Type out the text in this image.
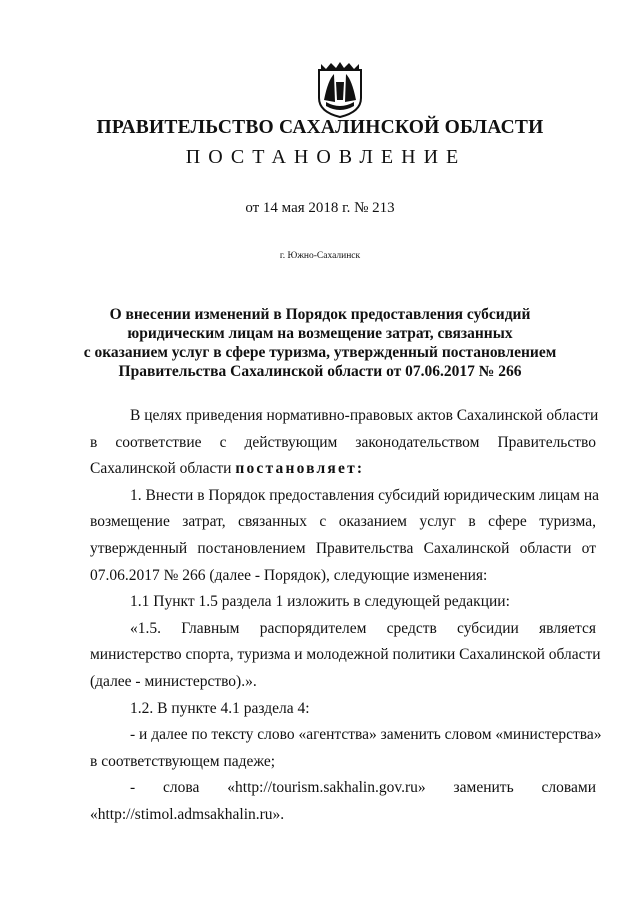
ПРАВИТЕЛЬСТВО САХАЛИНСКОЙ ОБЛАСТИ
ПОСТАНОВЛЕНИЕ
от 14 мая 2018 г. № 213
г. Южно-Сахалинск
О внесении изменений в Порядок предоставления субсидий
юридическим лицам на возмещение затрат, связанных
с оказанием услуг в сфере туризма, утвержденный постановлением
Правительства Сахалинской области от 07.06.2017 № 266
В целях приведения нормативно-правовых актов Сахалинской области
в соответствие с действующим законодательством Правительство
Сахалинской области постановляет:
1. Внести в Порядок предоставления субсидий юридическим лицам на
возмещение затрат, связанных с оказанием услуг в сфере туризма,
утвержденный постановлением Правительства Сахалинской области от
07.06.2017 № 266 (далее - Порядок), следующие изменения:
1.1 Пункт 1.5 раздела 1 изложить в следующей редакции:
«1.5. Главным распорядителем средств субсидии является
министерство спорта, туризма и молодежной политики Сахалинской области
(далее - министерство).».
1.2. В пункте 4.1 раздела 4:
- и далее по тексту слово «агентства» заменить словом «министерства»
в соответствующем падеже;
- слова «http://tourism.sakhalin.gov.ru» заменить словами
«http://stimol.admsakhalin.ru».
